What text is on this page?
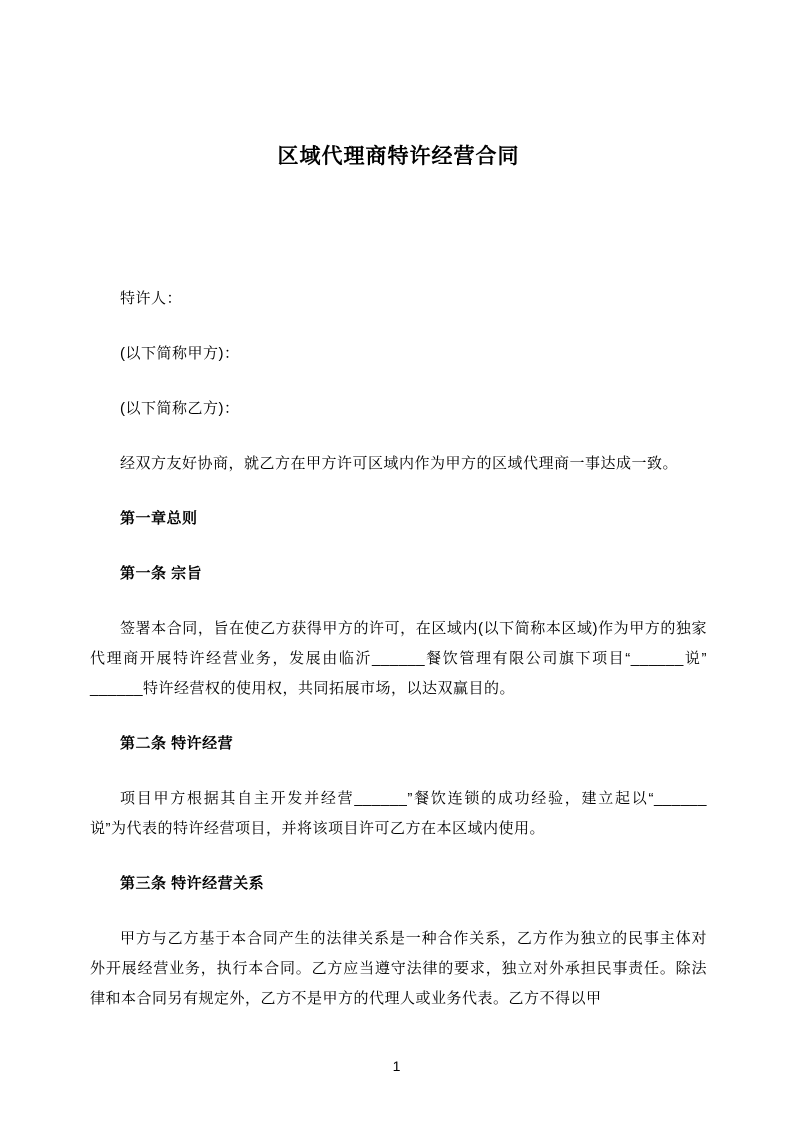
区域代理商特许经营合同

特许人：

(以下简称甲方)：

(以下简称乙方)：

经双方友好协商，就乙方在甲方许可区域内作为甲方的区域代理商一事达成一致。

第一章总则

第一条 宗旨

签署本合同，旨在使乙方获得甲方的许可，在区域内(以下简称本区域)作为甲方的独家代理商开展特许经营业务，发展由临沂______餐饮管理有限公司旗下项目“______说” ______特许经营权的使用权，共同拓展市场，以达双赢目的。

第二条 特许经营

项目甲方根据其自主开发并经营______”餐饮连锁的成功经验，建立起以“______说”为代表的特许经营项目，并将该项目许可乙方在本区域内使用。

第三条 特许经营关系

甲方与乙方基于本合同产生的法律关系是一种合作关系，乙方作为独立的民事主体对外开展经营业务，执行本合同。乙方应当遵守法律的要求，独立对外承担民事责任。除法律和本合同另有规定外，乙方不是甲方的代理人或业务代表。乙方不得以甲

1
